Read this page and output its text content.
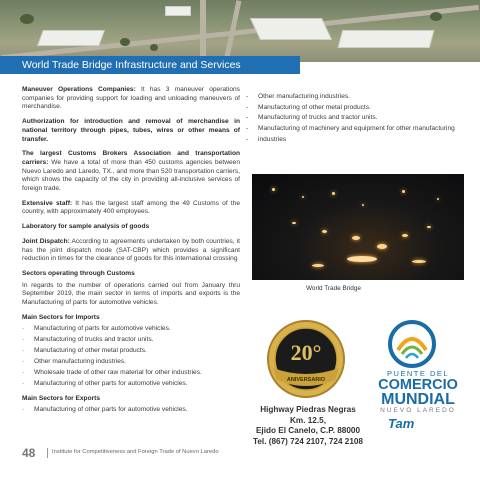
World Trade Bridge Infrastructure and Services

Maneuver Operations Companies: It has 3 maneuver operations companies for providing support for loading and unloading maneuvers of merchandise.

Authorization for introduction and removal of merchandise in national territory through pipes, tubes, wires or other means of transfer.

The largest Customs Brokers Association and transportation carriers: We have a total of more than 450 customs agencies between Nuevo Laredo and Laredo, TX., and more than 520 transportation carriers, which shows the capacity of the city in providing all-inclusive services of foreign trade.

Extensive staff: It has the largest staff among the 49 Customs of the country, with approximately 400 employees.

Laboratory for sample analysis of goods

Joint Dispatch: According to agreements undertaken by both countries, it has the joint dispatch mode (SAT-CBP) which provides a significant reduction in times for the clearance of goods for this international crossing

Sectors operating through Customs

In regards to the number of operations carried out from January thru September 2019, the main sector in terms of imports and exports is the Manufacturing of parts for automotive vehicles.

Main Sectors for Imports
· Manufacturing of parts for automotive vehicles.
· Manufacturing of trucks and tractor units.
· Manufacturing of other metal products.
· Other manufacturing industries.
· Wholesale trade of other raw material for other industries.
· Manufacturing of other parts for automotive vehicles.
Main Sectors for Exports
· Manufacturing of other parts for automotive vehicles.
- Other manufacturing industries.
- Manufacturing of other metal products.
- Manufacturing of trucks and tractor units.
- Manufacturing of machinery and equipment for other manufacturing
- industries
World Trade Bridge
20°
ANIVERSARIO
PUENTE DEL
COMERCIO
MUNDIAL
NUEVO LAREDO
Tam
Highway Piedras Negras
Km. 12.5,
Ejido El Canelo, C.P. 88000
Tel. (867) 724 2107, 724 2108
48	Institute for Competitiveness and Foreign Trade of Nuevo Laredo
